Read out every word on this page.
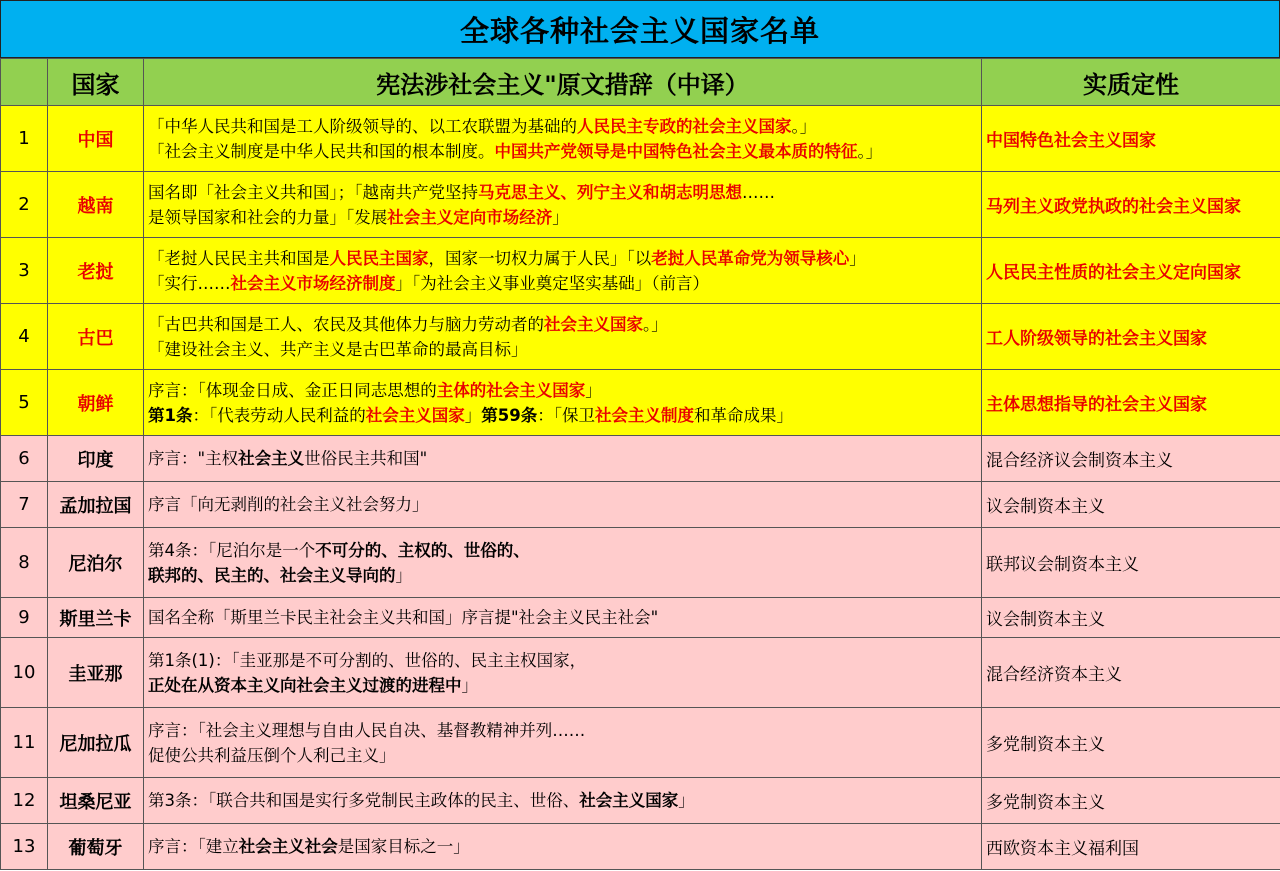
全球各种社会主义国家名单
	国家	宪法涉社会主义"原文措辞（中译）	实质定性
1	中国	「中华人民共和国是工人阶级领导的、以工农联盟为基础的人民民主专政的社会主义国家。」
「社会主义制度是中华人民共和国的根本制度。中国共产党领导是中国特色社会主义最本质的特征。」	中国特色社会主义国家
2	越南	国名即「社会主义共和国」；「越南共产党坚持马克思主义、列宁主义和胡志明思想……
是领导国家和社会的力量」「发展社会主义定向市场经济」	马列主义政党执政的社会主义国家
3	老挝	「老挝人民民主共和国是人民民主国家，国家一切权力属于人民」「以老挝人民革命党为领导核心」
「实行……社会主义市场经济制度」「为社会主义事业奠定坚实基础」（前言）	人民民主性质的社会主义定向国家
4	古巴	「古巴共和国是工人、农民及其他体力与脑力劳动者的社会主义国家。」
「建设社会主义、共产主义是古巴革命的最高目标」	工人阶级领导的社会主义国家
5	朝鲜	序言：「体现金日成、金正日同志思想的主体的社会主义国家」
第1条：「代表劳动人民利益的社会主义国家」第59条：「保卫社会主义制度和革命成果」	主体思想指导的社会主义国家
6	印度	序言："主权社会主义世俗民主共和国"	混合经济议会制资本主义
7	孟加拉国	序言「向无剥削的社会主义社会努力」	议会制资本主义
8	尼泊尔	第4条：「尼泊尔是一个不可分的、主权的、世俗的、
联邦的、民主的、社会主义导向的」	联邦议会制资本主义
9	斯里兰卡	国名全称「斯里兰卡民主社会主义共和国」序言提"社会主义民主社会"	议会制资本主义
10	圭亚那	第1条(1)：「圭亚那是不可分割的、世俗的、民主主权国家，
正处在从资本主义向社会主义过渡的进程中」	混合经济资本主义
11	尼加拉瓜	序言：「社会主义理想与自由人民自决、基督教精神并列……
促使公共利益压倒个人利己主义」	多党制资本主义
12	坦桑尼亚	第3条：「联合共和国是实行多党制民主政体的民主、世俗、社会主义国家」	多党制资本主义
13	葡萄牙	序言：「建立社会主义社会是国家目标之一」	西欧资本主义福利国
